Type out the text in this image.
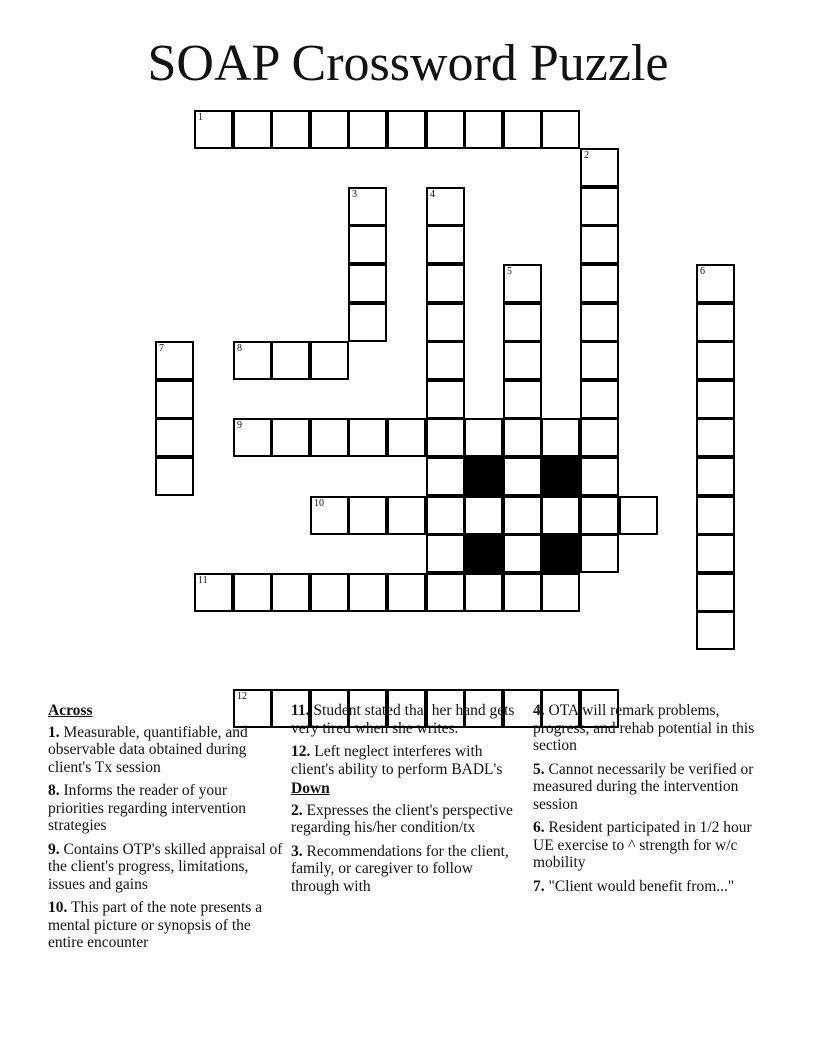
SOAP Crossword Puzzle
1
2
3	4
5	6
7	8
9
10
11
12
Across
1. Measurable, quantifiable, and observable data obtained during client's Tx session
8. Informs the reader of your priorities regarding intervention strategies
9. Contains OTP's skilled appraisal of the client's progress, limitations, issues and gains
10. This part of the note presents a mental picture or synopsis of the entire encounter
11. Student stated that her hand gets very tired when she writes.
12. Left neglect interferes with client's ability to perform BADL's
Down
2. Expresses the client's perspective regarding his/her condition/tx
3. Recommendations for the client, family, or caregiver to follow through with
4. OTA will remark problems, progress, and rehab potential in this section
5. Cannot necessarily be verified or measured during the intervention session
6. Resident participated in 1/2 hour UE exercise to ^ strength for w/c mobility
7. "Client would benefit from..."
